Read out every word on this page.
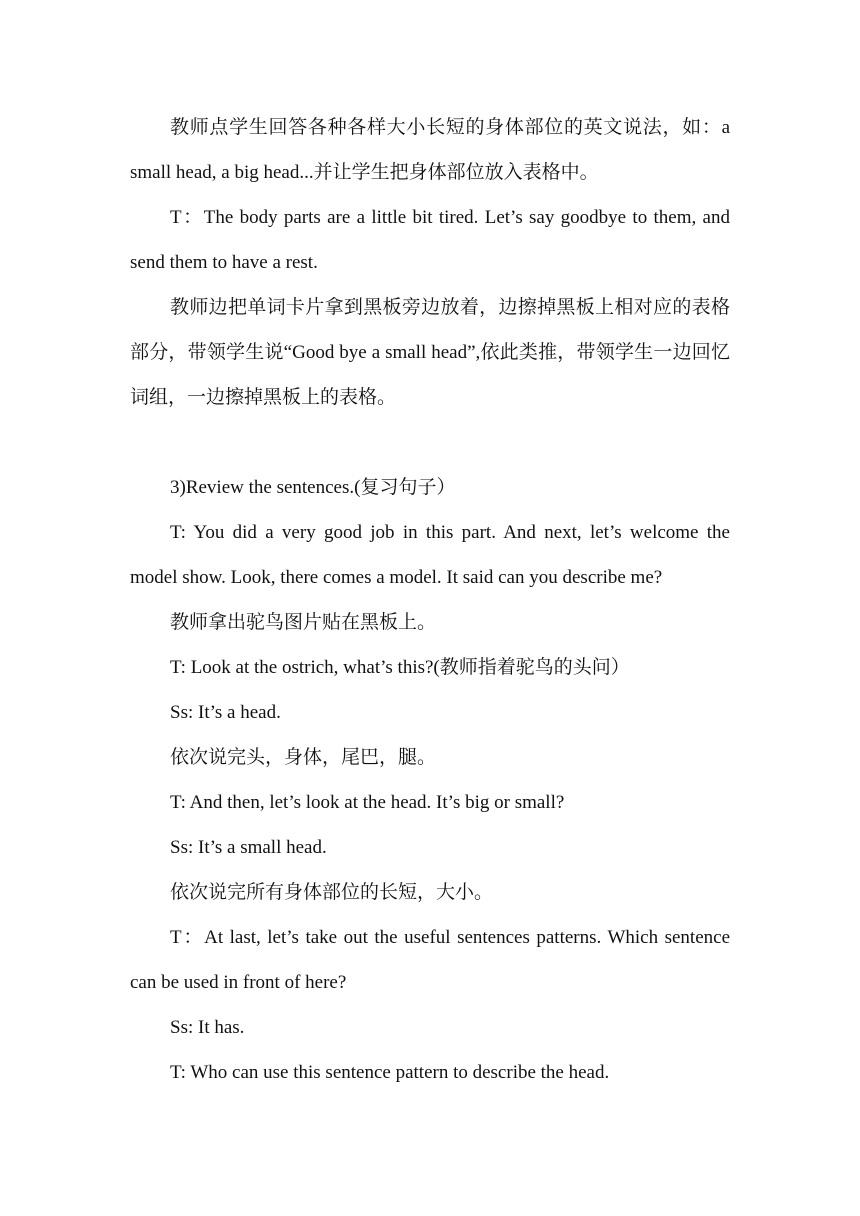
教师点学生回答各种各样大小长短的身体部位的英文说法，如：a small head, a big head...并让学生把身体部位放入表格中。

T：The body parts are a little bit tired. Let’s say goodbye to them, and send them to have a rest.

教师边把单词卡片拿到黑板旁边放着，边擦掉黑板上相对应的表格部分，带领学生说“Good bye a small head”,依此类推，带领学生一边回忆词组，一边擦掉黑板上的表格。

3)Review the sentences.(复习句子）

T: You did a very good job in this part. And next, let’s welcome the model show. Look, there comes a model. It said can you describe me?

教师拿出驼鸟图片贴在黑板上。

T: Look at the ostrich, what’s this?(教师指着驼鸟的头问）

Ss: It’s a head.

依次说完头，身体，尾巴，腿。

T: And then, let’s look at the head. It’s big or small?

Ss: It’s a small head.

依次说完所有身体部位的长短，大小。

T：At last, let’s take out the useful sentences patterns. Which sentence can be used in front of here?

Ss: It has.

T: Who can use this sentence pattern to describe the head.
